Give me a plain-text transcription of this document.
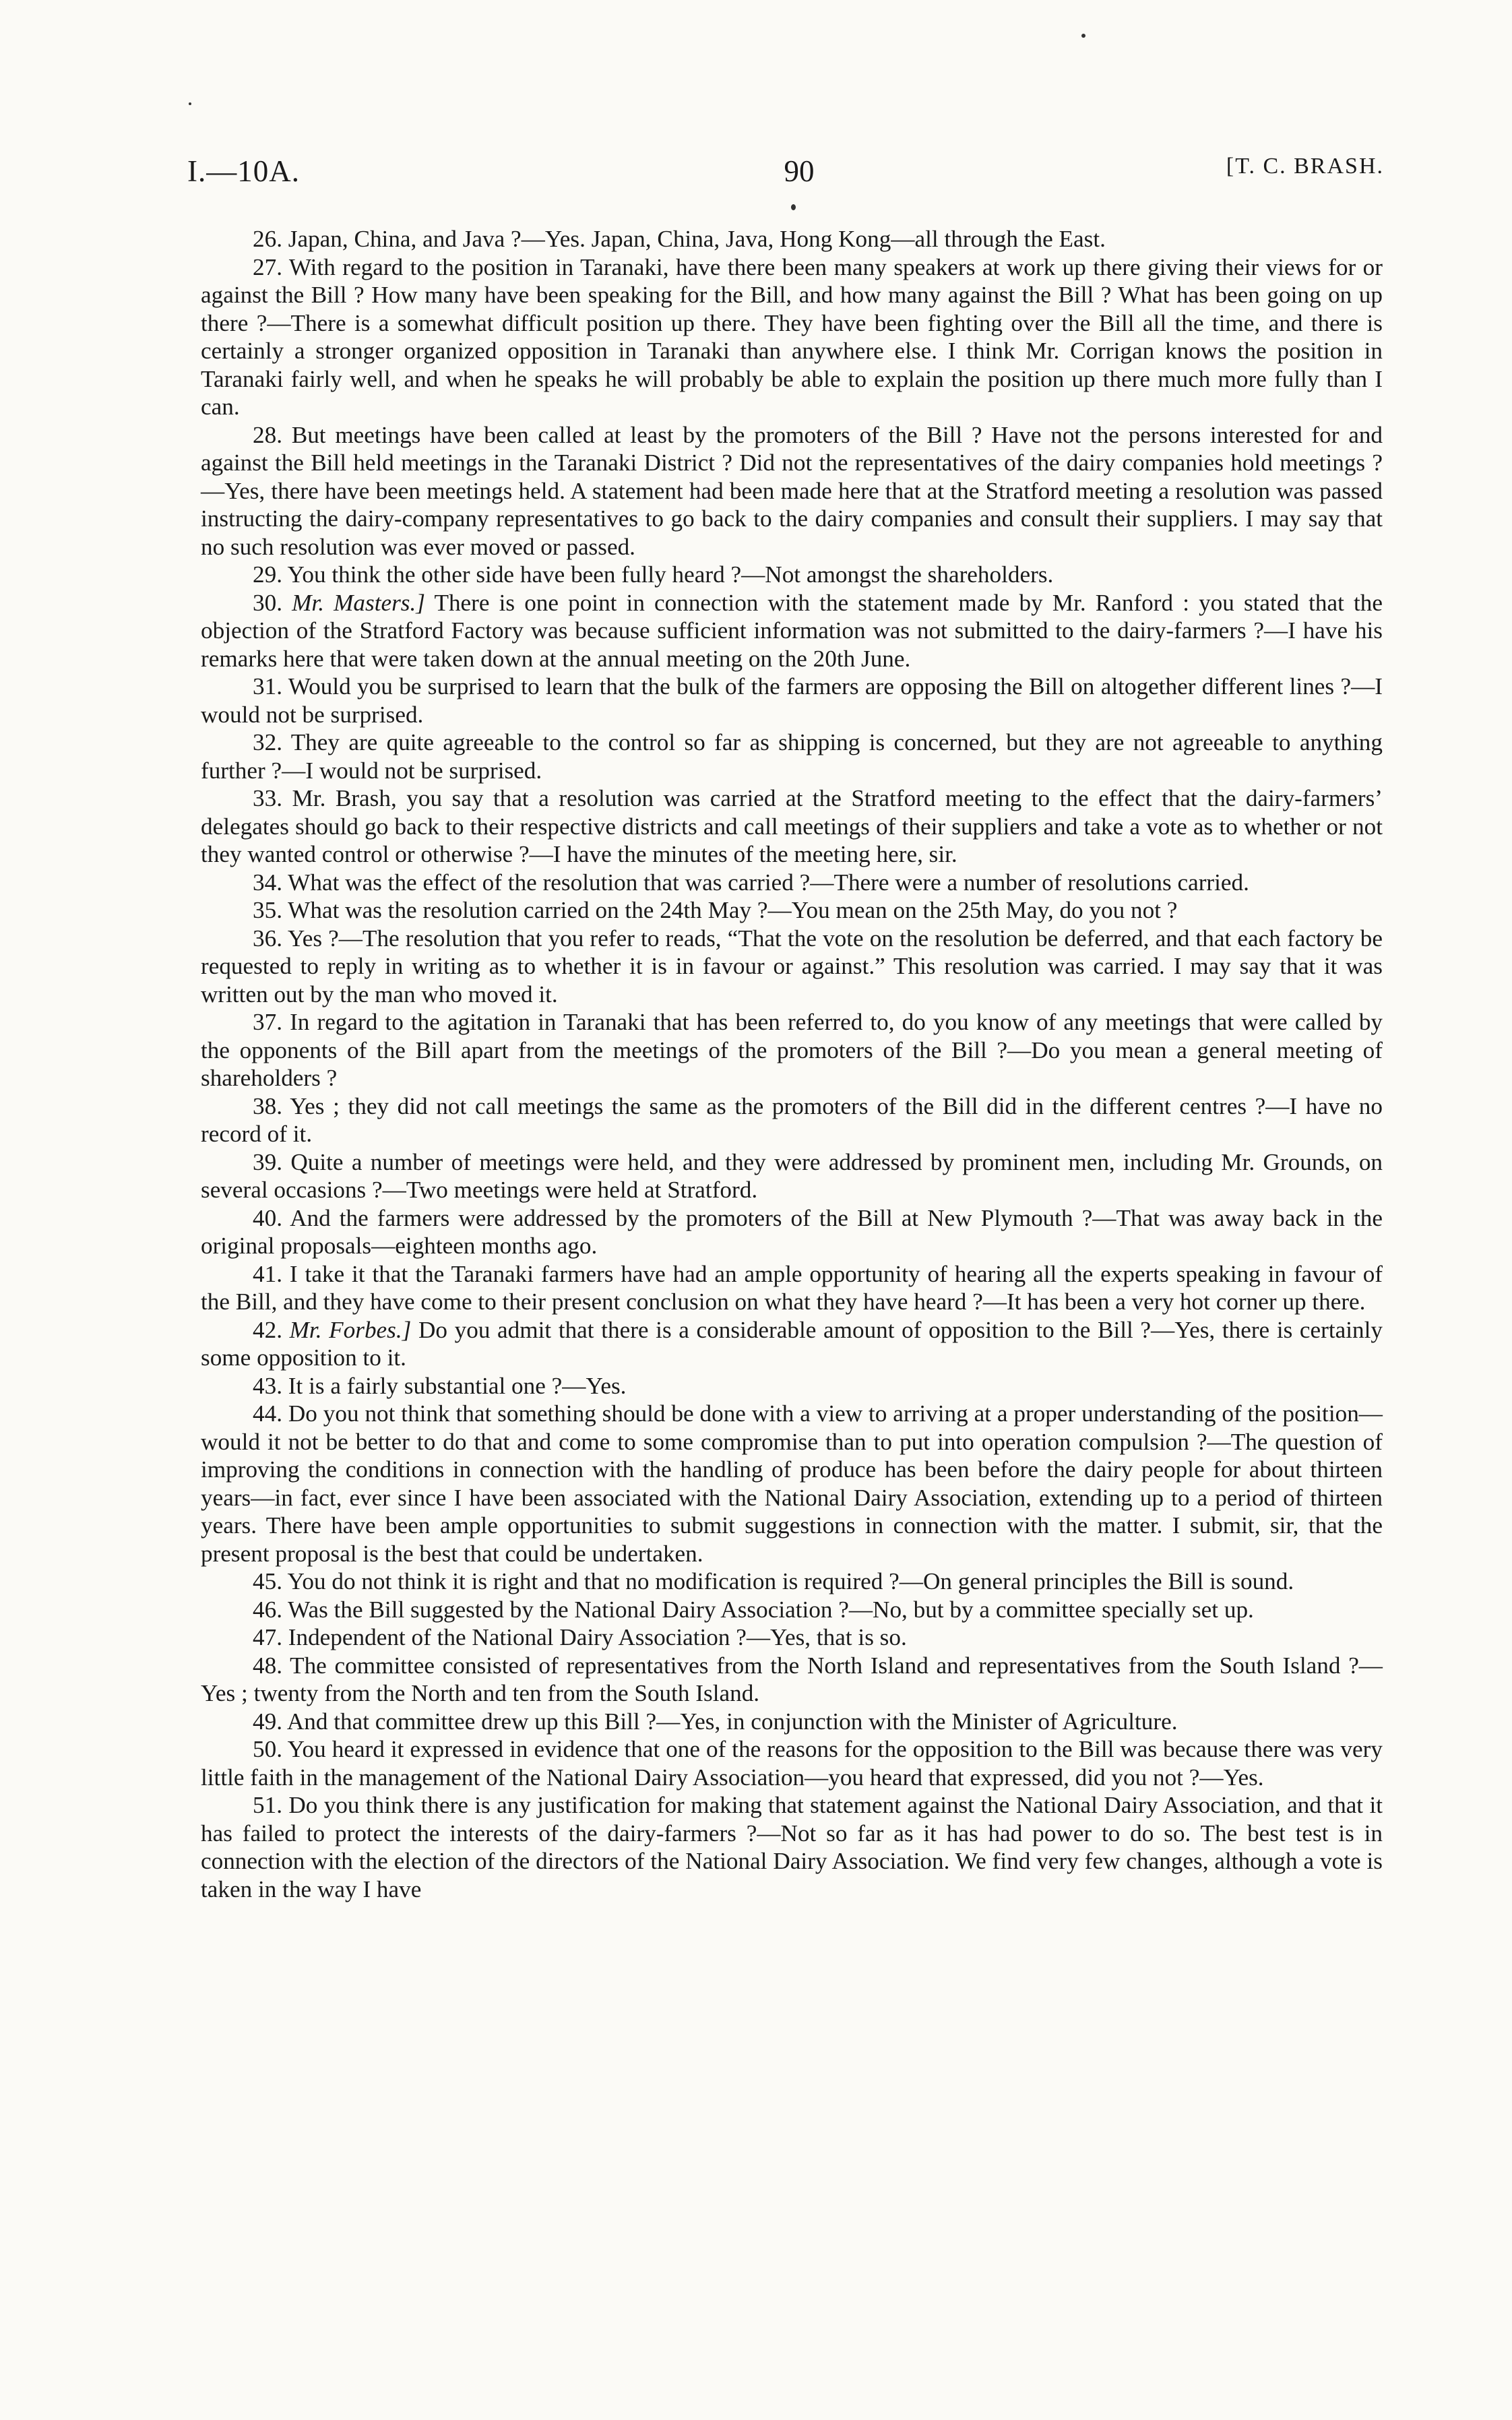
I.—10A.	90	[T. C. BRASH.

26. Japan, China, and Java ?—Yes. Japan, China, Java, Hong Kong—all through the East.

27. With regard to the position in Taranaki, have there been many speakers at work up there giving their views for or against the Bill ? How many have been speaking for the Bill, and how many against the Bill ? What has been going on up there ?—There is a somewhat difficult position up there. They have been fighting over the Bill all the time, and there is certainly a stronger organized opposition in Taranaki than anywhere else. I think Mr. Corrigan knows the position in Taranaki fairly well, and when he speaks he will probably be able to explain the position up there much more fully than I can.

28. But meetings have been called at least by the promoters of the Bill ? Have not the persons interested for and against the Bill held meetings in the Taranaki District ? Did not the representatives of the dairy companies hold meetings ?—Yes, there have been meetings held. A statement had been made here that at the Stratford meeting a resolution was passed instructing the dairy-company representatives to go back to the dairy companies and consult their suppliers. I may say that no such resolution was ever moved or passed.

29. You think the other side have been fully heard ?—Not amongst the shareholders.

30. Mr. Masters.] There is one point in connection with the statement made by Mr. Ranford : you stated that the objection of the Stratford Factory was because sufficient information was not submitted to the dairy-farmers ?—I have his remarks here that were taken down at the annual meeting on the 20th June.

31. Would you be surprised to learn that the bulk of the farmers are opposing the Bill on altogether different lines ?—I would not be surprised.

32. They are quite agreeable to the control so far as shipping is concerned, but they are not agreeable to anything further ?—I would not be surprised.

33. Mr. Brash, you say that a resolution was carried at the Stratford meeting to the effect that the dairy-farmers’ delegates should go back to their respective districts and call meetings of their suppliers and take a vote as to whether or not they wanted control or otherwise ?—I have the minutes of the meeting here, sir.

34. What was the effect of the resolution that was carried ?—There were a number of resolutions carried.

35. What was the resolution carried on the 24th May ?—You mean on the 25th May, do you not ?

36. Yes ?—The resolution that you refer to reads, “That the vote on the resolution be deferred, and that each factory be requested to reply in writing as to whether it is in favour or against.” This resolution was carried. I may say that it was written out by the man who moved it.

37. In regard to the agitation in Taranaki that has been referred to, do you know of any meetings that were called by the opponents of the Bill apart from the meetings of the promoters of the Bill ?—Do you mean a general meeting of shareholders ?

38. Yes ; they did not call meetings the same as the promoters of the Bill did in the different centres ?—I have no record of it.

39. Quite a number of meetings were held, and they were addressed by prominent men, including Mr. Grounds, on several occasions ?—Two meetings were held at Stratford.

40. And the farmers were addressed by the promoters of the Bill at New Plymouth ?—That was away back in the original proposals—eighteen months ago.

41. I take it that the Taranaki farmers have had an ample opportunity of hearing all the experts speaking in favour of the Bill, and they have come to their present conclusion on what they have heard ?—It has been a very hot corner up there.

42. Mr. Forbes.] Do you admit that there is a considerable amount of opposition to the Bill ?—Yes, there is certainly some opposition to it.

43. It is a fairly substantial one ?—Yes.

44. Do you not think that something should be done with a view to arriving at a proper understanding of the position—would it not be better to do that and come to some compromise than to put into operation compulsion ?—The question of improving the conditions in connection with the handling of produce has been before the dairy people for about thirteen years—in fact, ever since I have been associated with the National Dairy Association, extending up to a period of thirteen years. There have been ample opportunities to submit suggestions in connection with the matter. I submit, sir, that the present proposal is the best that could be undertaken.

45. You do not think it is right and that no modification is required ?—On general principles the Bill is sound.

46. Was the Bill suggested by the National Dairy Association ?—No, but by a committee specially set up.

47. Independent of the National Dairy Association ?—Yes, that is so.

48. The committee consisted of representatives from the North Island and representatives from the South Island ?—Yes ; twenty from the North and ten from the South Island.

49. And that committee drew up this Bill ?—Yes, in conjunction with the Minister of Agriculture.

50. You heard it expressed in evidence that one of the reasons for the opposition to the Bill was because there was very little faith in the management of the National Dairy Association—you heard that expressed, did you not ?—Yes.

51. Do you think there is any justification for making that statement against the National Dairy Association, and that it has failed to protect the interests of the dairy-farmers ?—Not so far as it has had power to do so. The best test is in connection with the election of the directors of the National Dairy Association. We find very few changes, although a vote is taken in the way I have
